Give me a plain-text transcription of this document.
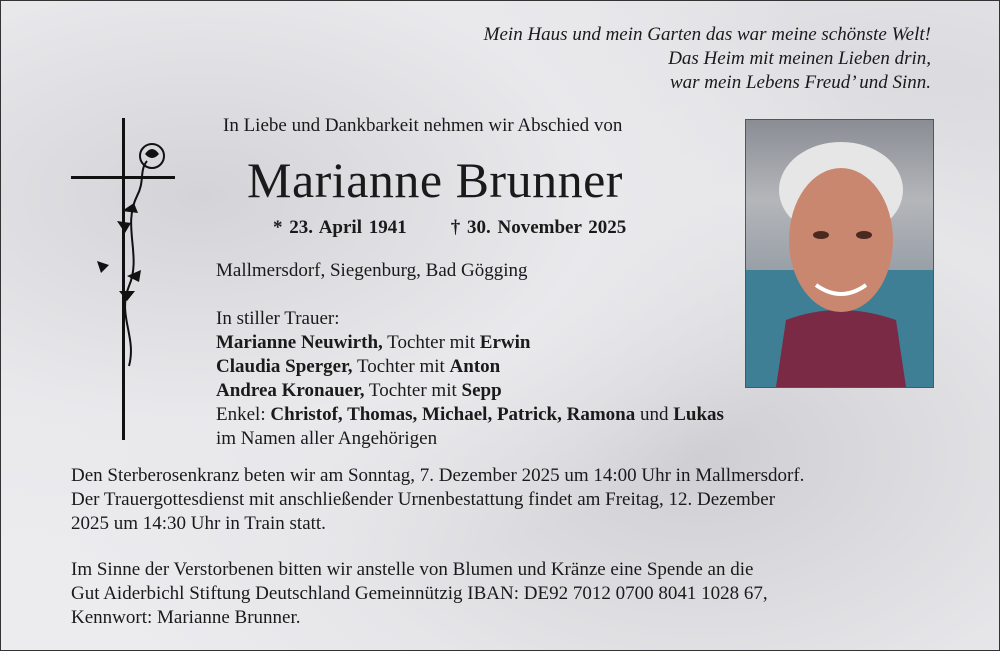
Mein Haus und mein Garten das war meine schönste Welt!
Das Heim mit meinen Lieben drin,
war mein Lebens Freud’ und Sinn.
In Liebe und Dankbarkeit nehmen wir Abschied von
Marianne Brunner
* 23. April 1941 † 30. November 2025
Mallmersdorf, Siegenburg, Bad Gögging
In stiller Trauer:
Marianne Neuwirth, Tochter mit Erwin
Claudia Sperger, Tochter mit Anton
Andrea Kronauer, Tochter mit Sepp
Enkel: Christof, Thomas, Michael, Patrick, Ramona und Lukas
im Namen aller Angehörigen
Den Sterberosenkranz beten wir am Sonntag, 7. Dezember 2025 um 14:00 Uhr in Mallmersdorf.
Der Trauergottesdienst mit anschließender Urnenbestattung findet am Freitag, 12. Dezember
2025 um 14:30 Uhr in Train statt.
Im Sinne der Verstorbenen bitten wir anstelle von Blumen und Kränze eine Spende an die
Gut Aiderbichl Stiftung Deutschland Gemeinnützig IBAN: DE92 7012 0700 8041 1028 67,
Kennwort: Marianne Brunner.
